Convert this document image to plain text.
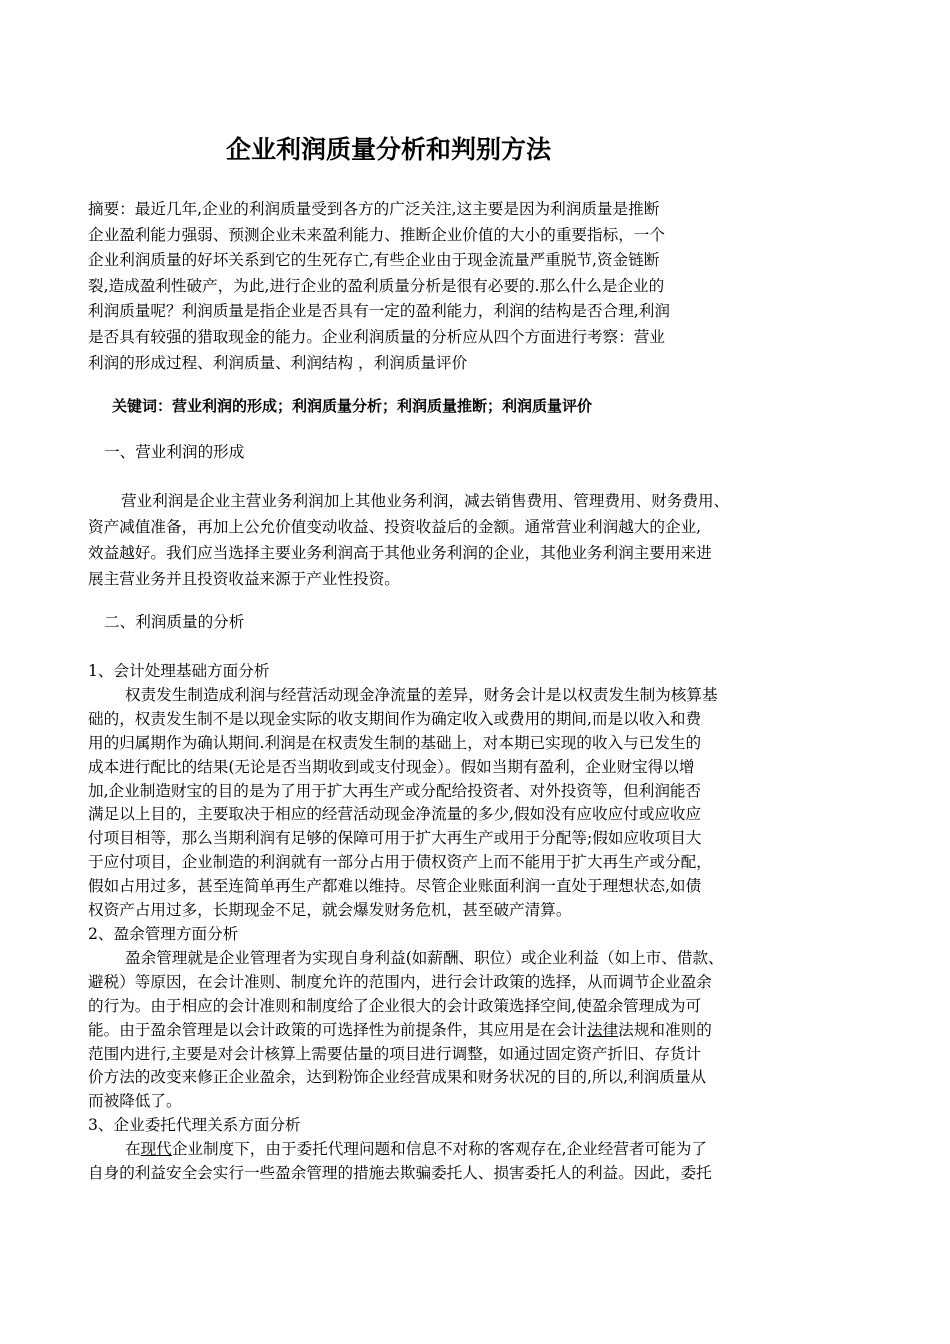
企业利润质量分析和判别方法
摘要：最近几年,企业的利润质量受到各方的广泛关注,这主要是因为利润质量是推断
企业盈利能力强弱、预测企业未来盈利能力、推断企业价值的大小的重要指标，一个
企业利润质量的好坏关系到它的生死存亡,有些企业由于现金流量严重脱节,资金链断
裂,造成盈利性破产，为此,进行企业的盈利质量分析是很有必要的.那么什么是企业的
利润质量呢？利润质量是指企业是否具有一定的盈利能力，利润的结构是否合理,利润
是否具有较强的猎取现金的能力。企业利润质量的分析应从四个方面进行考察：营业
利润的形成过程、利润质量、利润结构 ，利润质量评价
关键词：营业利润的形成；利润质量分析；利润质量推断；利润质量评价
一、营业利润的形成
营业利润是企业主营业务利润加上其他业务利润，减去销售费用、管理费用、财务费用、
资产减值准备，再加上公允价值变动收益、投资收益后的金额。通常营业利润越大的企业,
效益越好。我们应当选择主要业务利润高于其他业务利润的企业，其他业务利润主要用来进
展主营业务并且投资收益来源于产业性投资。
二、利润质量的分析
1、会计处理基础方面分析
权责发生制造成利润与经营活动现金净流量的差异，财务会计是以权责发生制为核算基
础的，权责发生制不是以现金实际的收支期间作为确定收入或费用的期间,而是以收入和费
用的归属期作为确认期间.利润是在权责发生制的基础上，对本期已实现的收入与已发生的
成本进行配比的结果(无论是否当期收到或支付现金）。假如当期有盈利，企业财宝得以增
加,企业制造财宝的目的是为了用于扩大再生产或分配给投资者、对外投资等，但利润能否
满足以上目的，主要取决于相应的经营活动现金净流量的多少,假如没有应收应付或应收应
付项目相等，那么当期利润有足够的保障可用于扩大再生产或用于分配等;假如应收项目大
于应付项目，企业制造的利润就有一部分占用于债权资产上而不能用于扩大再生产或分配，
假如占用过多，甚至连简单再生产都难以维持。尽管企业账面利润一直处于理想状态,如债
权资产占用过多，长期现金不足，就会爆发财务危机，甚至破产清算。
2、盈余管理方面分析
盈余管理就是企业管理者为实现自身利益(如薪酬、职位）或企业利益（如上市、借款、
避税）等原因，在会计准则、制度允许的范围内，进行会计政策的选择，从而调节企业盈余
的行为。由于相应的会计准则和制度给了企业很大的会计政策选择空间,使盈余管理成为可
能。由于盈余管理是以会计政策的可选择性为前提条件，其应用是在会计法律法规和准则的
范围内进行,主要是对会计核算上需要估量的项目进行调整，如通过固定资产折旧、存货计
价方法的改变来修正企业盈余，达到粉饰企业经营成果和财务状况的目的,所以,利润质量从
而被降低了。
3、企业委托代理关系方面分析
在现代企业制度下，由于委托代理问题和信息不对称的客观存在,企业经营者可能为了
自身的利益安全会实行一些盈余管理的措施去欺骗委托人、损害委托人的利益。因此，委托
